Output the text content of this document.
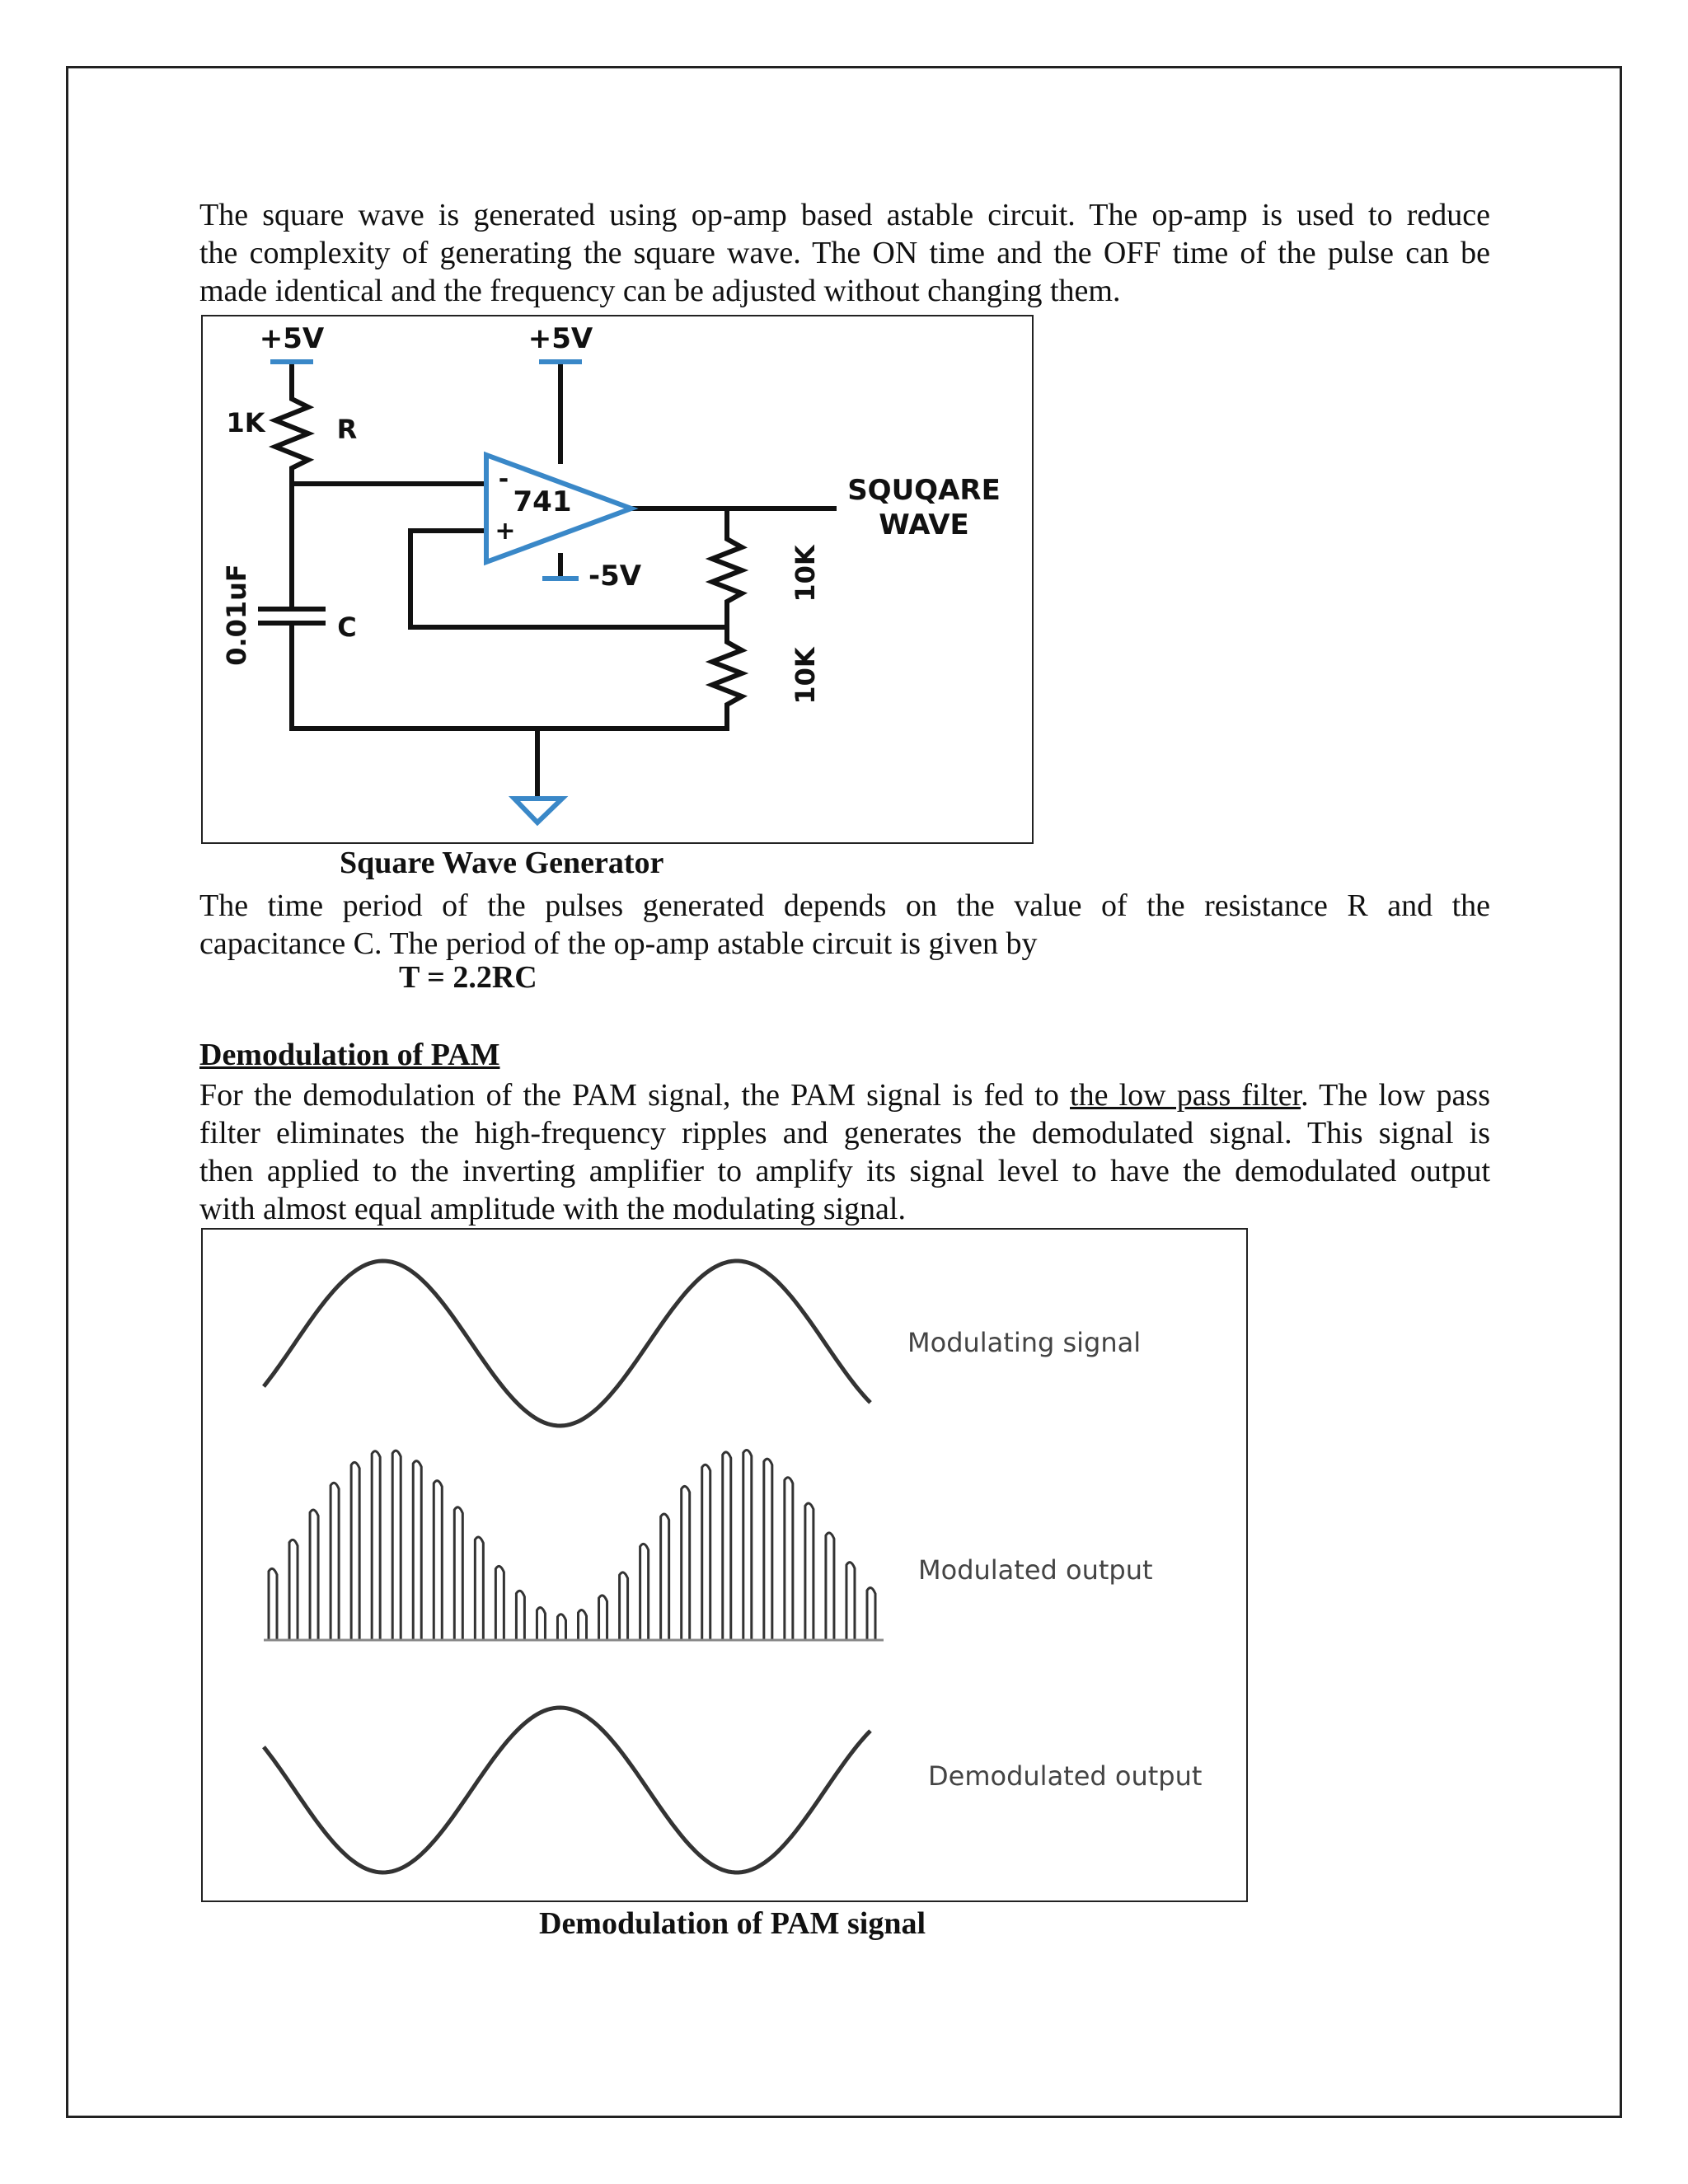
The square wave is generated using op-amp based astable circuit. The op-amp is used to reduce
the complexity of generating the square wave. The ON time and the OFF time of the pulse can be
made identical and the frequency can be adjusted without changing them.
+5V	+5V
1K	R
-
741
+
-5V
C
0.01uF	10K
10K
SQUQARE
WAVE
Square Wave Generator
The time period of the pulses generated depends on the value of the resistance R and the
capacitance C. The period of the op-amp astable circuit is given by
T = 2.2RC
Demodulation of PAM
For the demodulation of the PAM signal, the PAM signal is fed to the low pass filter. The low pass
filter eliminates the high-frequency ripples and generates the demodulated signal. This signal is
then applied to the inverting amplifier to amplify its signal level to have the demodulated output
with almost equal amplitude with the modulating signal.
Modulating signal
Modulated output
Demodulated output
Demodulation of PAM signal
